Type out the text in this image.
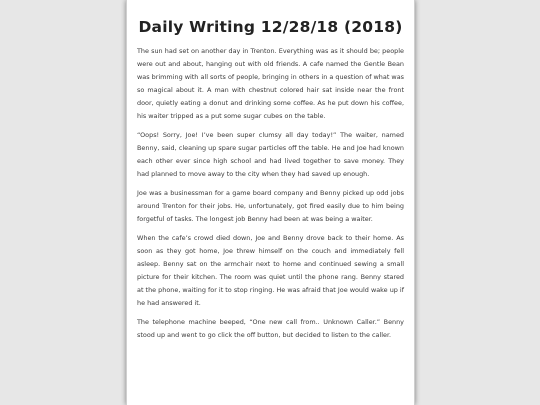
Daily Writing 12/28/18 (2018)

The sun had set on another day in Trenton. Everything was as it should be; people were out and about, hanging out with old friends. A cafe named the Gentle Bean was brimming with all sorts of people, bringing in others in a question of what was so magical about it. A man with chestnut colored hair sat inside near the front door, quietly eating a donut and drinking some coffee. As he put down his coffee, his waiter tripped as a put some sugar cubes on the table.

“Oops! Sorry, Joe! I’ve been super clumsy all day today!” The waiter, named Benny, said, cleaning up spare sugar particles off the table. He and Joe had known each other ever since high school and had lived together to save money. They had planned to move away to the city when they had saved up enough.

Joe was a businessman for a game board company and Benny picked up odd jobs around Trenton for their jobs. He, unfortunately, got fired easily due to him being forgetful of tasks. The longest job Benny had been at was being a waiter.

When the cafe’s crowd died down, Joe and Benny drove back to their home. As soon as they got home, Joe threw himself on the couch and immediately fell asleep. Benny sat on the armchair next to home and continued sewing a small picture for their kitchen. The room was quiet until the phone rang. Benny stared at the phone, waiting for it to stop ringing. He was afraid that Joe would wake up if he had answered it.

The telephone machine beeped, “One new call from.. Unknown Caller.” Benny stood up and went to go click the off button, but decided to listen to the caller.
